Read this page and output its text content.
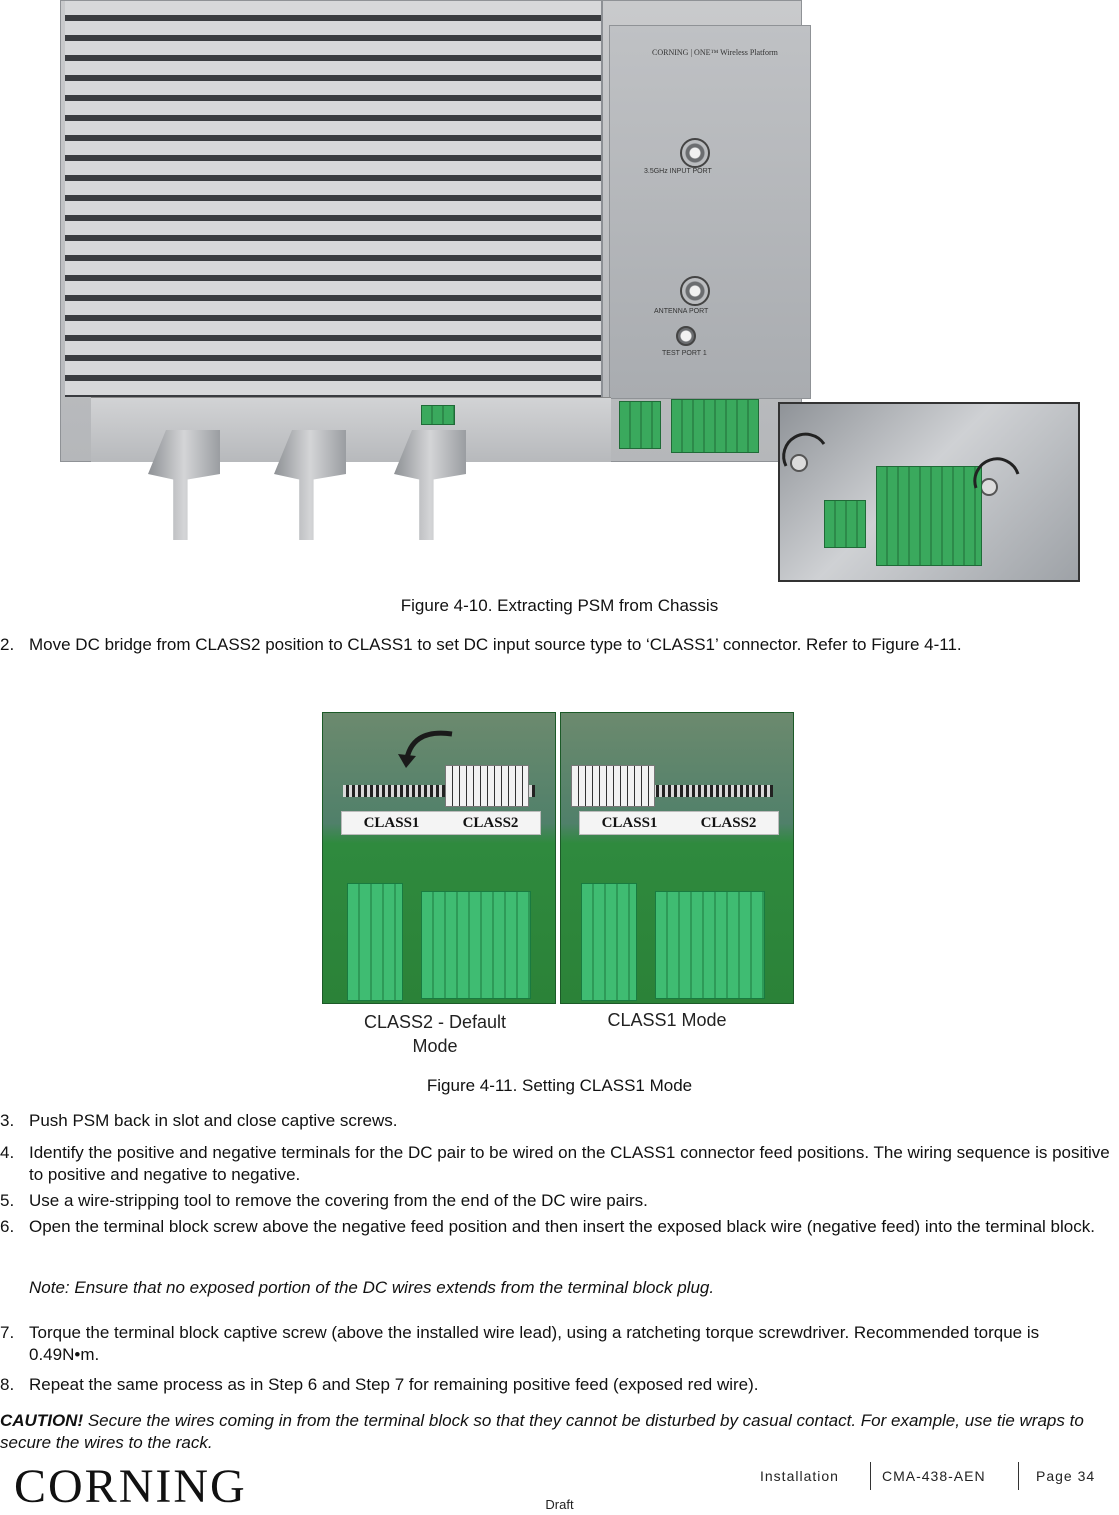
CORNING | ONE™ Wireless Platform
3.5GHz INPUT PORT
ANTENNA PORT
TEST PORT 1
Figure 4-10. Extracting PSM from Chassis
2. Move DC bridge from CLASS2 position to CLASS1 to set DC input source type to ‘CLASS1’ connector. Refer to Figure 4-11.
CLASS1	CLASS2	CLASS1	CLASS2
CLASS2 - Default Mode
CLASS1 Mode
Figure 4-11. Setting CLASS1 Mode
3. Push PSM back in slot and close captive screws.
4. Identify the positive and negative terminals for the DC pair to be wired on the CLASS1 connector feed positions. The wiring sequence is positive to positive and negative to negative.
5. Use a wire-stripping tool to remove the covering from the end of the DC wire pairs.
6. Open the terminal block screw above the negative feed position and then insert the exposed black wire (negative feed) into the terminal block.
Note: Ensure that no exposed portion of the DC wires extends from the terminal block plug.
7. Torque the terminal block captive screw (above the installed wire lead), using a ratcheting torque screwdriver. Recommended torque is 0.49N•m.
8. Repeat the same process as in Step 6 and Step 7 for remaining positive feed (exposed red wire).
CAUTION! Secure the wires coming in from the terminal block so that they cannot be disturbed by casual contact. For example, use tie wraps to secure the wires to the rack.
CORNING	Installation	CMA-438-AEN	Page 34
Draft
